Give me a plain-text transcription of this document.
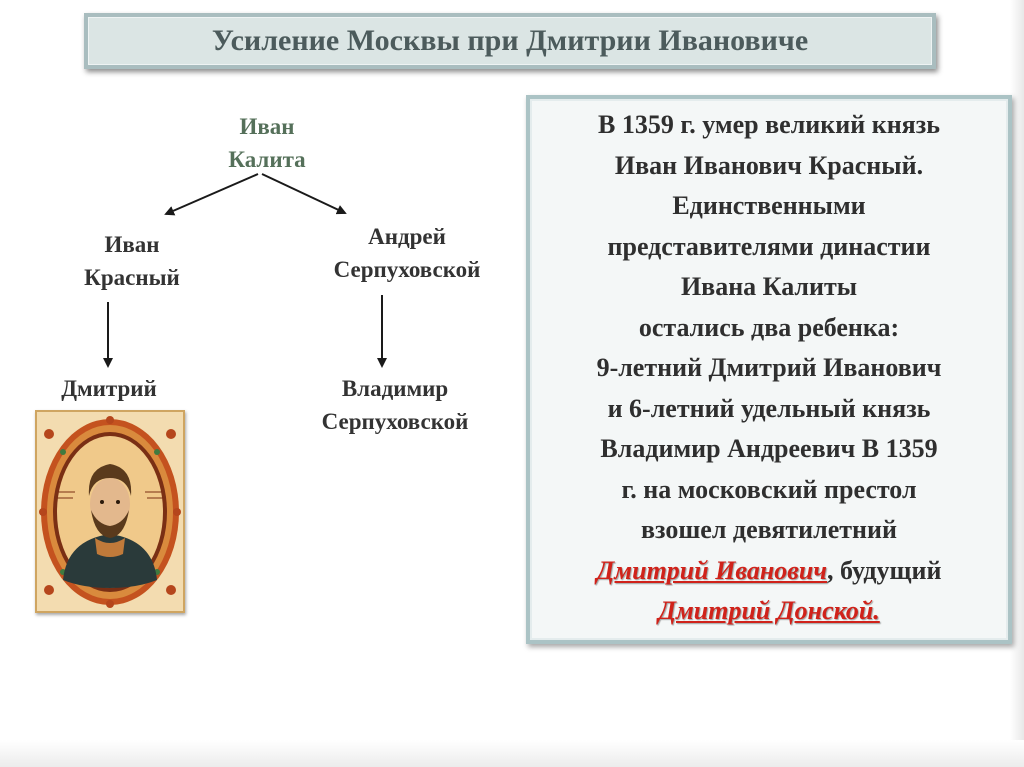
Усиление Москвы при Дмитрии Ивановиче
Иван
Калита
Иван
Красный
Андрей
Серпуховской
Дмитрий	Владимир
Серпуховской
В 1359 г. умер великий князь
Иван Иванович Красный.
Единственными
представителями династии
Ивана Калиты
остались два ребенка:
9-летний Дмитрий Иванович
и 6-летний удельный князь
Владимир Андреевич В 1359
г. на московский престол
взошел девятилетний
Дмитрий Иванович, будущий
Дмитрий Донской.
